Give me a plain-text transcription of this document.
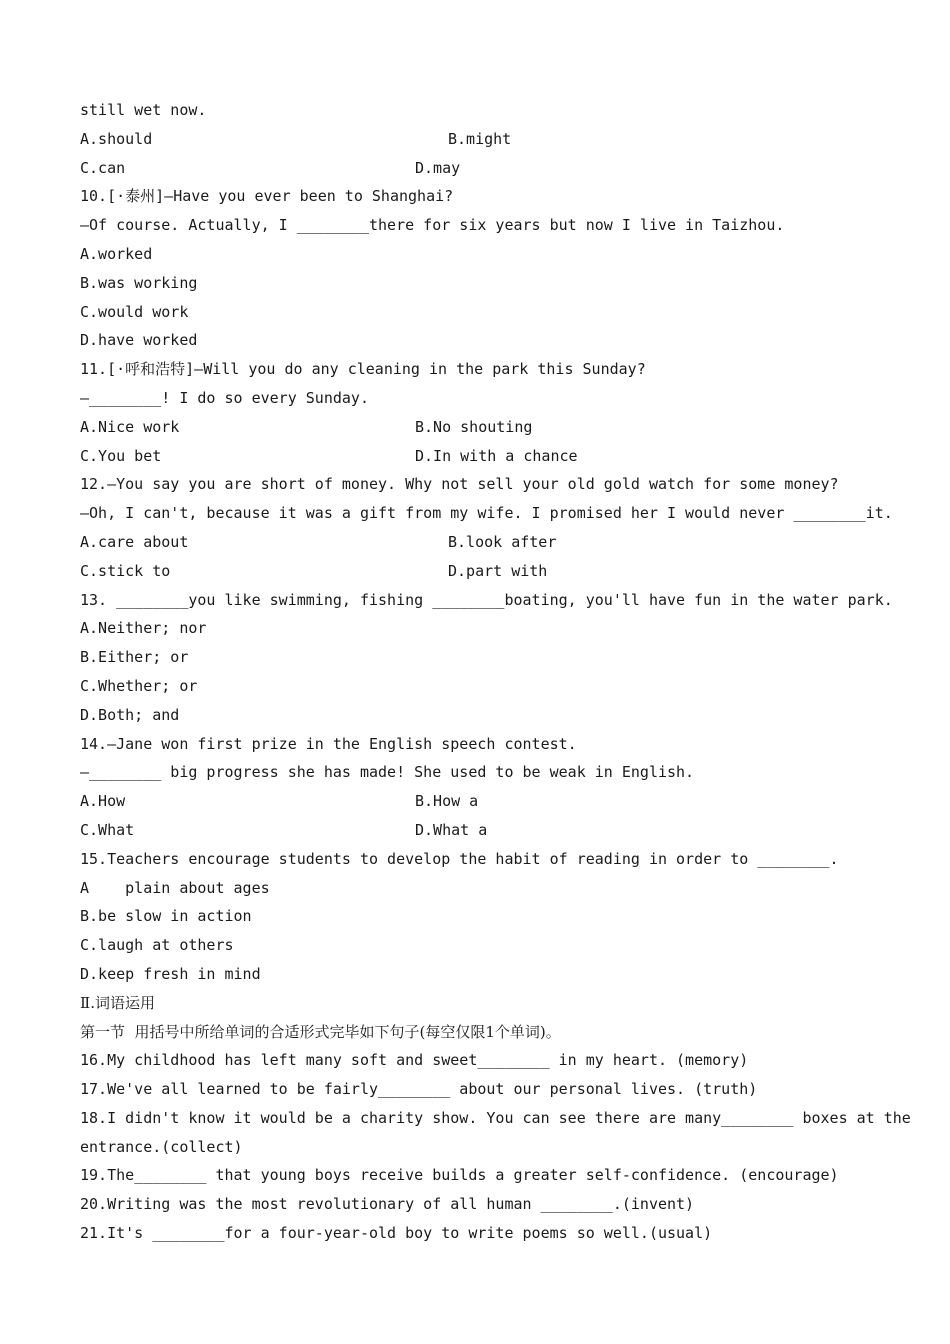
still wet now.
A.should	B.might
C.can	D.may
10.[·泰州]—Have you ever been to Shanghai?
—Of course. Actually, I ________there for six years but now I live in Taizhou.
A.worked
B.was working
C.would work
D.have worked
11.[·呼和浩特]—Will you do any cleaning in the park this Sunday?
—________! I do so every Sunday.
A.Nice work	B.No shouting
C.You bet	D.In with a chance
12.—You say you are short of money. Why not sell your old gold watch for some money?
—Oh, I can't, because it was a gift from my wife. I promised her I would never ________it.
A.care about	B.look after
C.stick to	D.part with
13. ________you like swimming, fishing ________boating, you'll have fun in the water park.
A.Neither; nor
B.Either; or
C.Whether; or
D.Both; and
14.—Jane won first prize in the English speech contest.
—________ big progress she has made! She used to be weak in English.
A.How	B.How a
C.What	D.What a
15.Teachers encourage students to develop the habit of reading in order to ________.
A    plain about ages
B.be slow in action
C.laugh at others
D.keep fresh in mind
Ⅱ.词语运用
第一节  用括号中所给单词的合适形式完毕如下句子(每空仅限1个单词)。
16.My childhood has left many soft and sweet________ in my heart. (memory)
17.We've all learned to be fairly________ about our personal lives. (truth)
18.I didn't know it would be a charity show. You can see there are many________ boxes at the
entrance.(collect)
19.The________ that young boys receive builds a greater self-confidence. (encourage)
20.Writing was the most revolutionary of all human ________.(invent)
21.It's ________for a four-year-old boy to write poems so well.(usual)
